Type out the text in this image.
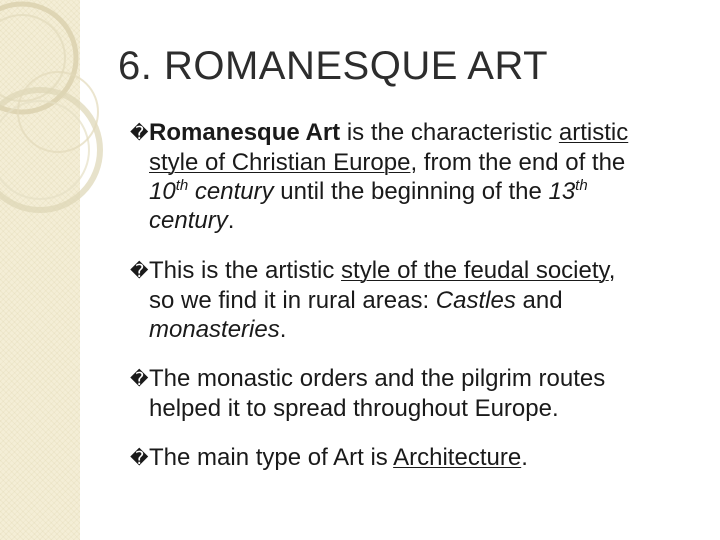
6. ROMANESQUE ART
�Romanesque Art is the characteristic artistic
style of Christian Europe, from the end of the
10th century until the beginning of the 13th
century.
�This is the artistic style of the feudal society,
so we find it in rural areas: Castles and
monasteries.
�The monastic orders and the pilgrim routes
helped it to spread throughout Europe.
�The main type of Art is Architecture.
